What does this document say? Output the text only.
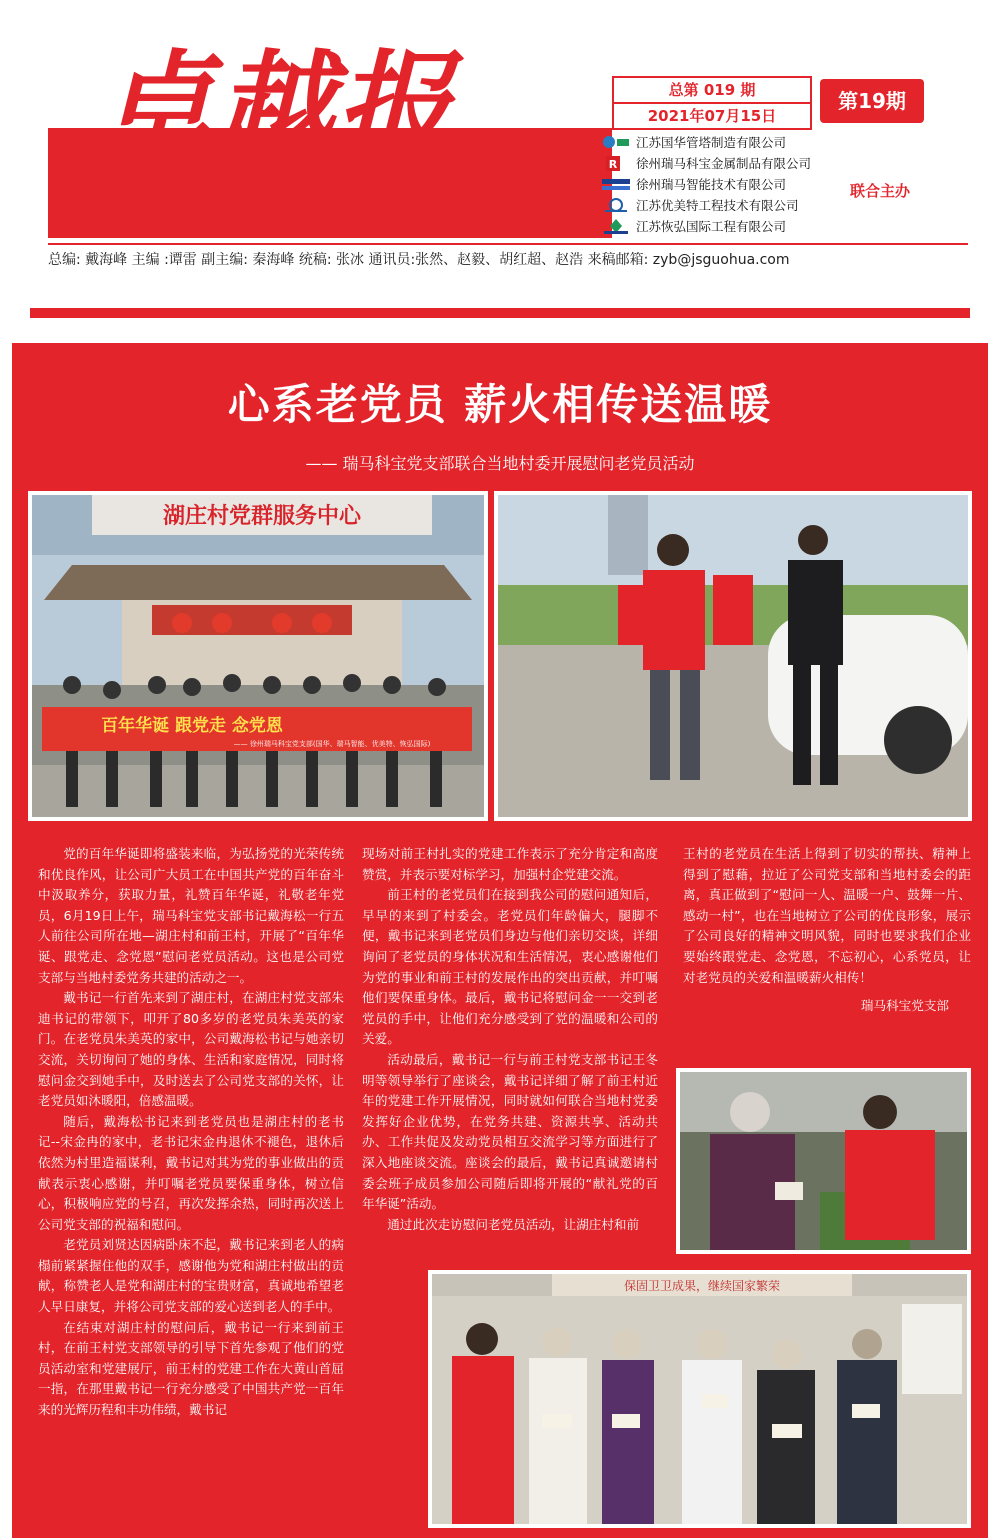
卓越报	总第 019 期
2021年07月15日
第19期
江苏国华管塔制造有限公司
R 徐州瑞马科宝金属制品有限公司
徐州瑞马智能技术有限公司
江苏优美特工程技术有限公司
江苏恢弘国际工程有限公司
联合主办
总编: 戴海峰 主编 :谭雷 副主编: 秦海峰 统稿: 张冰 通讯员:张然、赵毅、胡红超、赵浩 来稿邮箱: zyb@jsguohua.com
心系老党员 薪火相传送温暖
—— 瑞马科宝党支部联合当地村委开展慰问老党员活动
湖庄村党群服务中心
百年华诞 跟党走 念党恩
—— 徐州瑞马科宝党支部(国华、瑞马智能、优美特、恢弘国际)

党的百年华诞即将盛装来临，为弘扬党的光荣传统和优良作风，让公司广大员工在中国共产党的百年奋斗中汲取养分，获取力量，礼赞百年华诞，礼敬老年党员，6月19日上午，瑞马科宝党支部书记戴海松一行五人前往公司所在地—湖庄村和前王村，开展了“百年华诞、跟党走、念党恩”慰问老党员活动。这也是公司党支部与当地村委党务共建的活动之一。

戴书记一行首先来到了湖庄村，在湖庄村党支部朱迪书记的带领下，叩开了80多岁的老党员朱美英的家门。在老党员朱美英的家中，公司戴海松书记与她亲切交流，关切询问了她的身体、生活和家庭情况，同时将慰问金交到她手中，及时送去了公司党支部的关怀，让老党员如沐暖阳，倍感温暖。

随后，戴海松书记来到老党员也是湖庄村的老书记--宋金冉的家中，老书记宋金冉退休不褪色，退休后依然为村里造福谋利，戴书记对其为党的事业做出的贡献表示衷心感谢，并叮嘱老党员要保重身体，树立信心，积极响应党的号召，再次发挥余热，同时再次送上公司党支部的祝福和慰问。

老党员刘贤达因病卧床不起，戴书记来到老人的病榻前紧紧握住他的双手，感谢他为党和湖庄村做出的贡献，称赞老人是党和湖庄村的宝贵财富，真诚地希望老人早日康复，并将公司党支部的爱心送到老人的手中。

在结束对湖庄村的慰问后，戴书记一行来到前王村，在前王村党支部领导的引导下首先参观了他们的党员活动室和党建展厅，前王村的党建工作在大黄山首屈一指，在那里戴书记一行充分感受了中国共产党一百年来的光辉历程和丰功伟绩，戴书记

现场对前王村扎实的党建工作表示了充分肯定和高度赞赏，并表示要对标学习，加强村企党建交流。

前王村的老党员们在接到我公司的慰问通知后，早早的来到了村委会。老党员们年龄偏大，腿脚不便，戴书记来到老党员们身边与他们亲切交谈，详细询问了老党员的身体状况和生活情况，衷心感谢他们为党的事业和前王村的发展作出的突出贡献，并叮嘱他们要保重身体。最后，戴书记将慰问金一一交到老党员的手中，让他们充分感受到了党的温暖和公司的关爱。

活动最后，戴书记一行与前王村党支部书记王冬明等领导举行了座谈会，戴书记详细了解了前王村近年的党建工作开展情况，同时就如何联合当地村党委发挥好企业优势，在党务共建、资源共享、活动共办、工作共促及发动党员相互交流学习等方面进行了深入地座谈交流。座谈会的最后，戴书记真诚邀请村委会班子成员参加公司随后即将开展的“献礼党的百年华诞”活动。

通过此次走访慰问老党员活动，让湖庄村和前

王村的老党员在生活上得到了切实的帮扶、精神上得到了慰藉，拉近了公司党支部和当地村委会的距离，真正做到了“慰问一人、温暖一户、鼓舞一片、感动一村”，也在当地树立了公司的优良形象，展示了公司良好的精神文明风貌，同时也要求我们企业要始终跟党走、念党恩，不忘初心，心系党员，让对老党员的关爱和温暖薪火相传！

瑞马科宝党支部

保固卫卫成果，继续国家繁荣
